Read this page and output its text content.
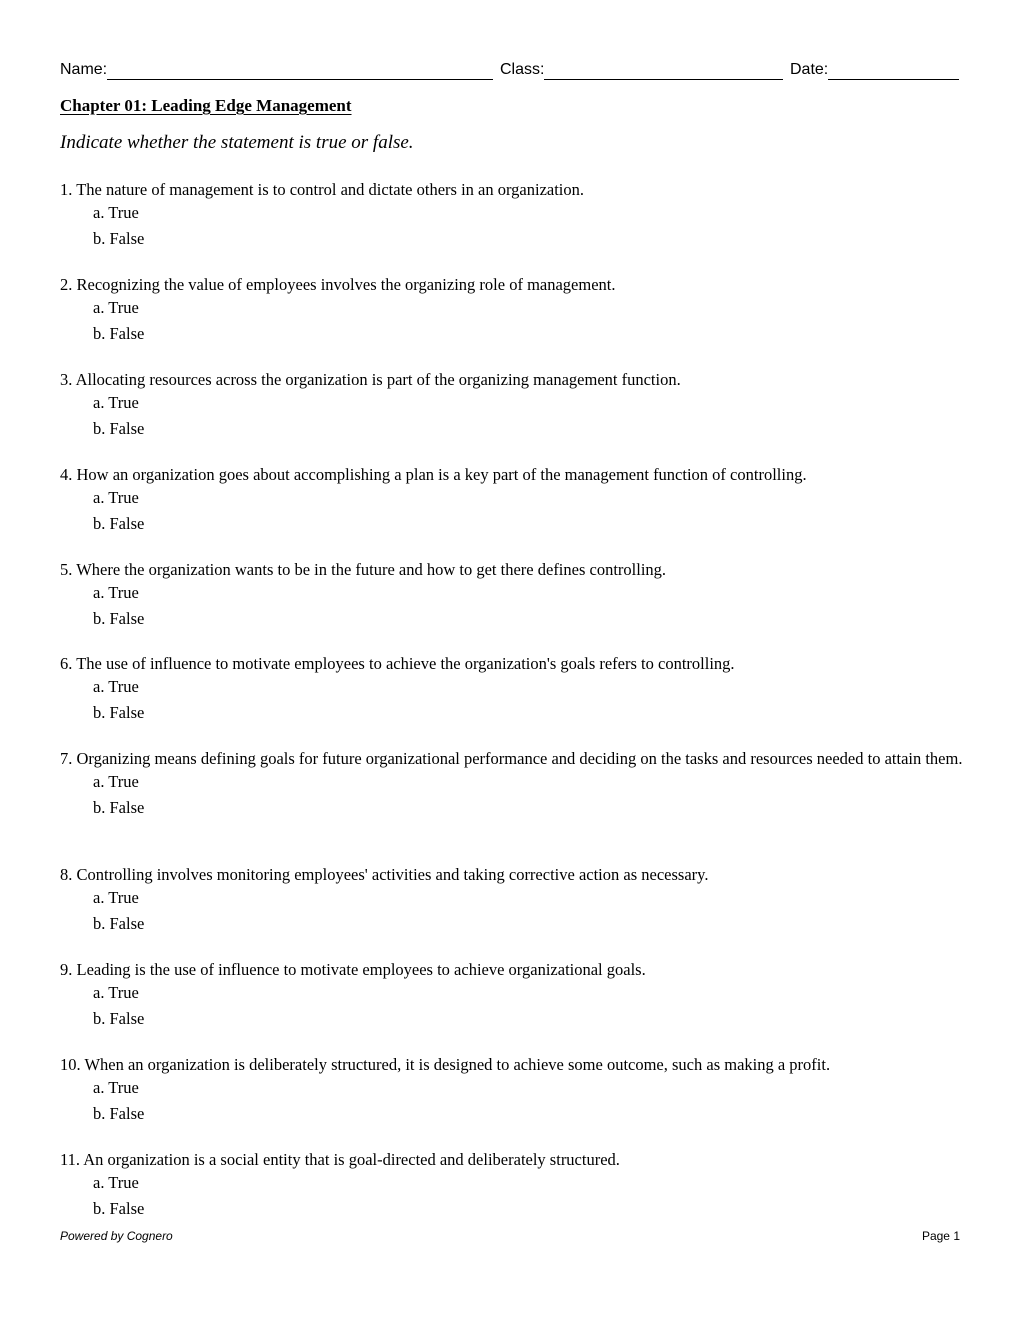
Name:	Class:	Date:
Chapter 01: Leading Edge Management
Indicate whether the statement is true or false.
1. The nature of management is to control and dictate others in an organization.
a. True
b. False
2. Recognizing the value of employees involves the organizing role of management.
a. True
b. False
3. Allocating resources across the organization is part of the organizing management function.
a. True
b. False
4. How an organization goes about accomplishing a plan is a key part of the management function of controlling.
a. True
b. False
5. Where the organization wants to be in the future and how to get there defines controlling.
a. True
b. False
6. The use of influence to motivate employees to achieve the organization's goals refers to controlling.
a. True
b. False
7. Organizing means defining goals for future organizational performance and deciding on the tasks and resources needed to attain them.
a. True
b. False
8. Controlling involves monitoring employees' activities and taking corrective action as necessary.
a. True
b. False
9. Leading is the use of influence to motivate employees to achieve organizational goals.
a. True
b. False
10. When an organization is deliberately structured, it is designed to achieve some outcome, such as making a profit.
a. True
b. False
11. An organization is a social entity that is goal-directed and deliberately structured.
a. True
b. False
Powered by Cognero	Page 1
